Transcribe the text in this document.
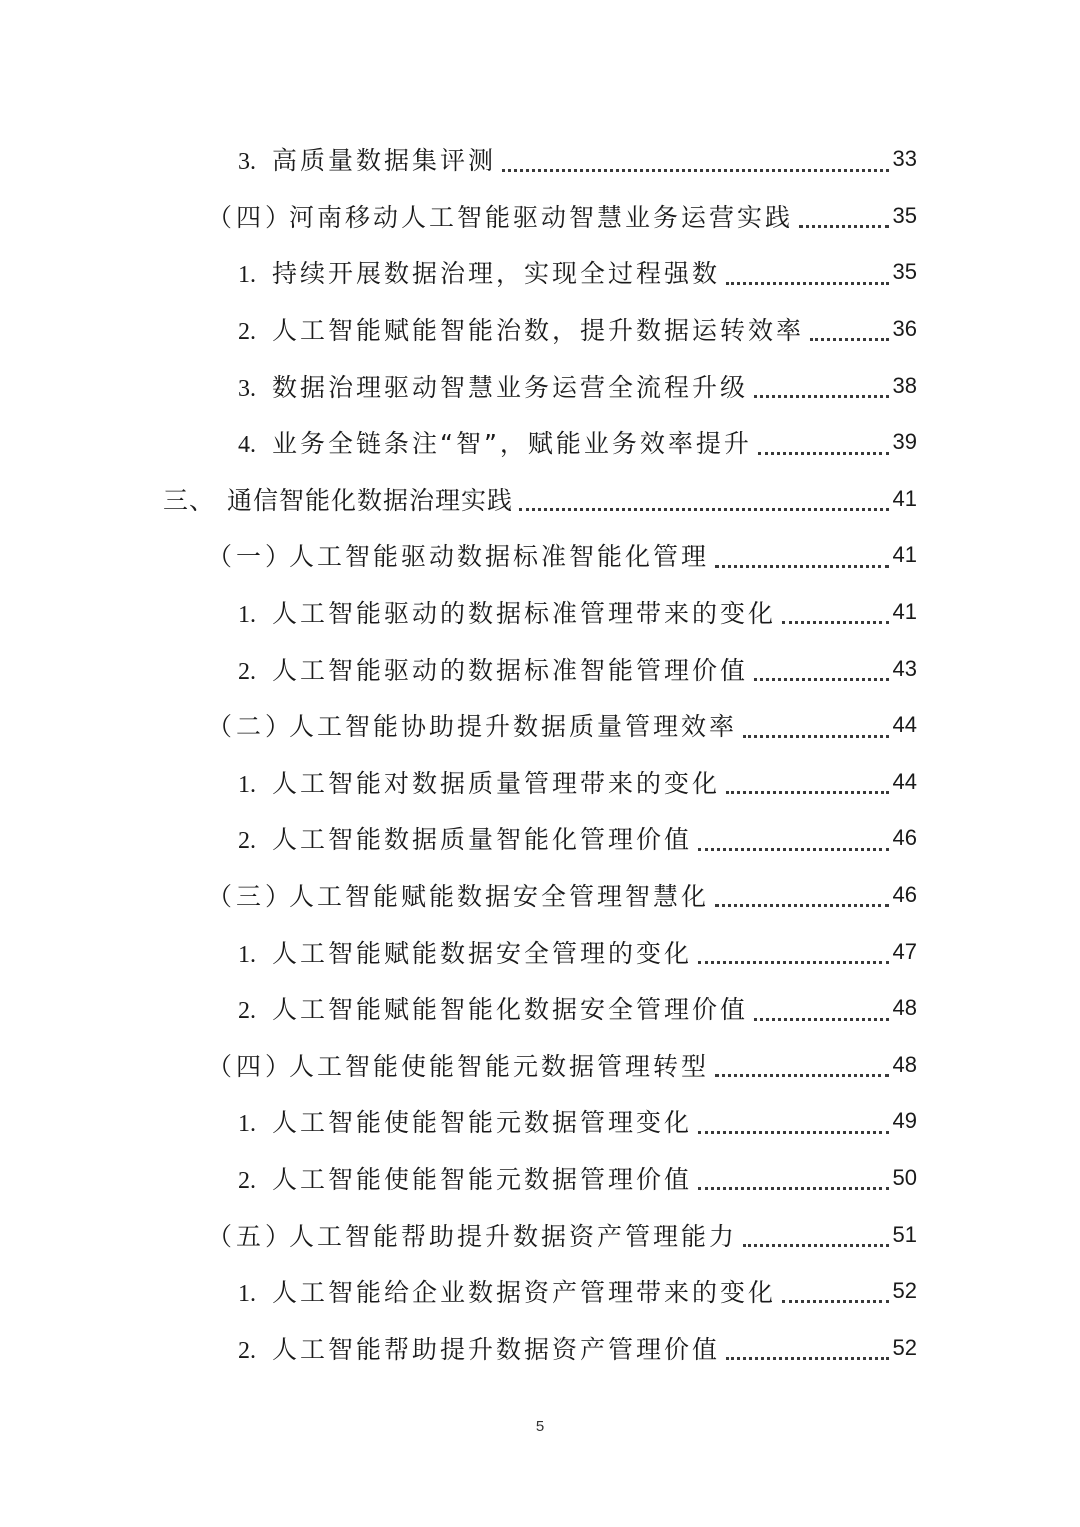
3. 高质量数据集评测	33
（四）河南移动人工智能驱动智慧业务运营实践	35
1. 持续开展数据治理，实现全过程强数	35
2. 人工智能赋能智能治数，提升数据运转效率	36
3. 数据治理驱动智慧业务运营全流程升级	38
4. 业务全链条注“智”，赋能业务效率提升	39
三、 通信智能化数据治理实践	41
（一）人工智能驱动数据标准智能化管理	41
1. 人工智能驱动的数据标准管理带来的变化	41
2. 人工智能驱动的数据标准智能管理价值	43
（二）人工智能协助提升数据质量管理效率	44
1. 人工智能对数据质量管理带来的变化	44
2. 人工智能数据质量智能化管理价值	46
（三）人工智能赋能数据安全管理智慧化	46
1. 人工智能赋能数据安全管理的变化	47
2. 人工智能赋能智能化数据安全管理价值	48
（四）人工智能使能智能元数据管理转型	48
1. 人工智能使能智能元数据管理变化	49
2. 人工智能使能智能元数据管理价值	50
（五）人工智能帮助提升数据资产管理能力	51
1. 人工智能给企业数据资产管理带来的变化	52
2. 人工智能帮助提升数据资产管理价值	52
5
